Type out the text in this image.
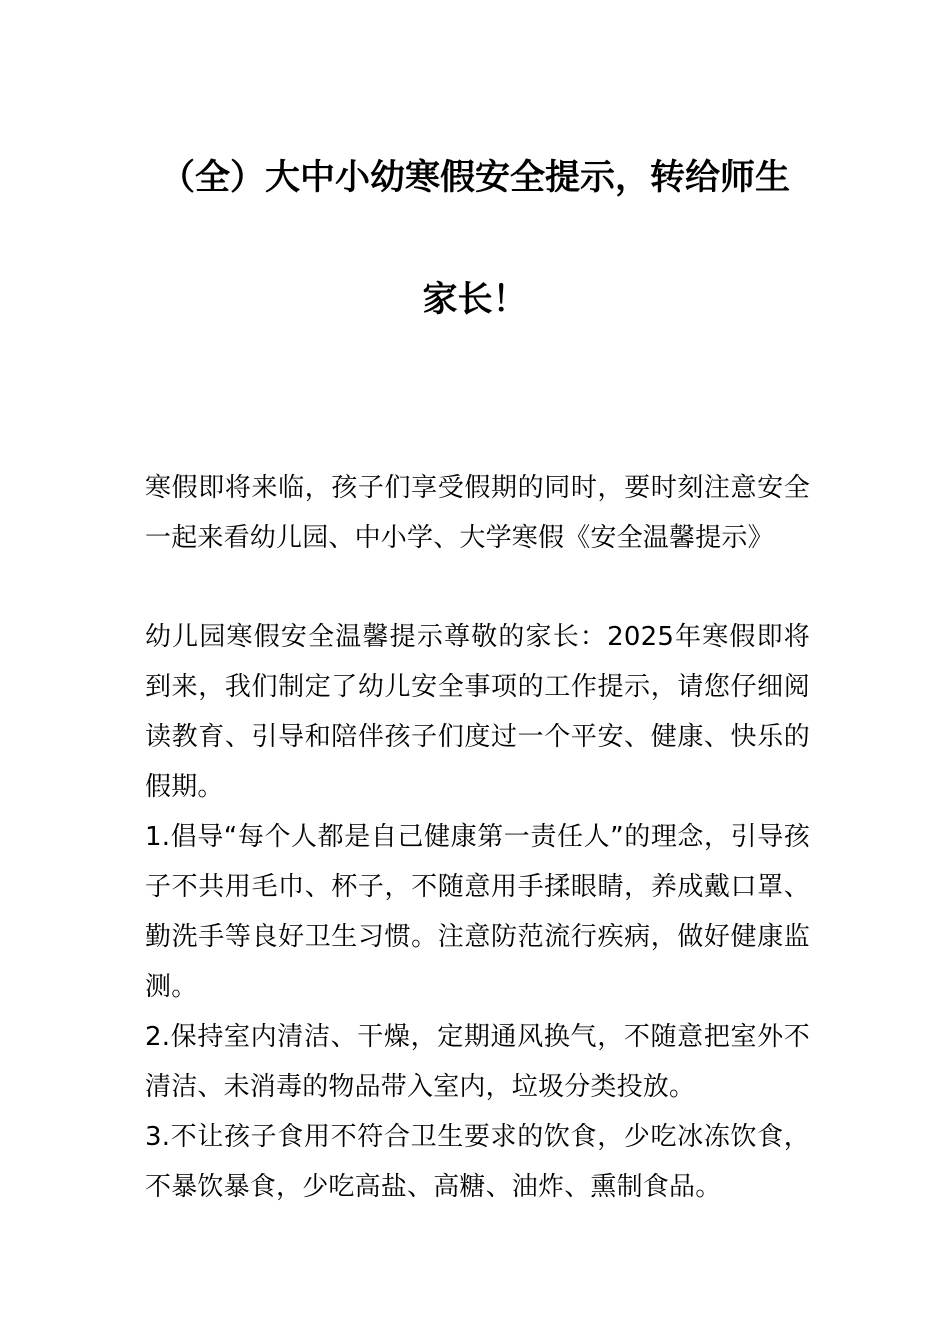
（全）大中小幼寒假安全提示，转给师生
家长！

寒假即将来临，孩子们享受假期的同时，要时刻注意安全一起来看幼儿园、中小学、大学寒假《安全温馨提示》

幼儿园寒假安全温馨提示尊敬的家长：2025年寒假即将到来，我们制定了幼儿安全事项的工作提示，请您仔细阅读教育、引导和陪伴孩子们度过一个平安、健康、快乐的假期。

1.倡导“每个人都是自己健康第一责任人”的理念，引导孩子不共用毛巾、杯子，不随意用手揉眼睛，养成戴口罩、勤洗手等良好卫生习惯。注意防范流行疾病，做好健康监测。

2.保持室内清洁、干燥，定期通风换气，不随意把室外不清洁、未消毒的物品带入室内，垃圾分类投放。

3.不让孩子食用不符合卫生要求的饮食，少吃冰冻饮食，不暴饮暴食，少吃高盐、高糖、油炸、熏制食品。
